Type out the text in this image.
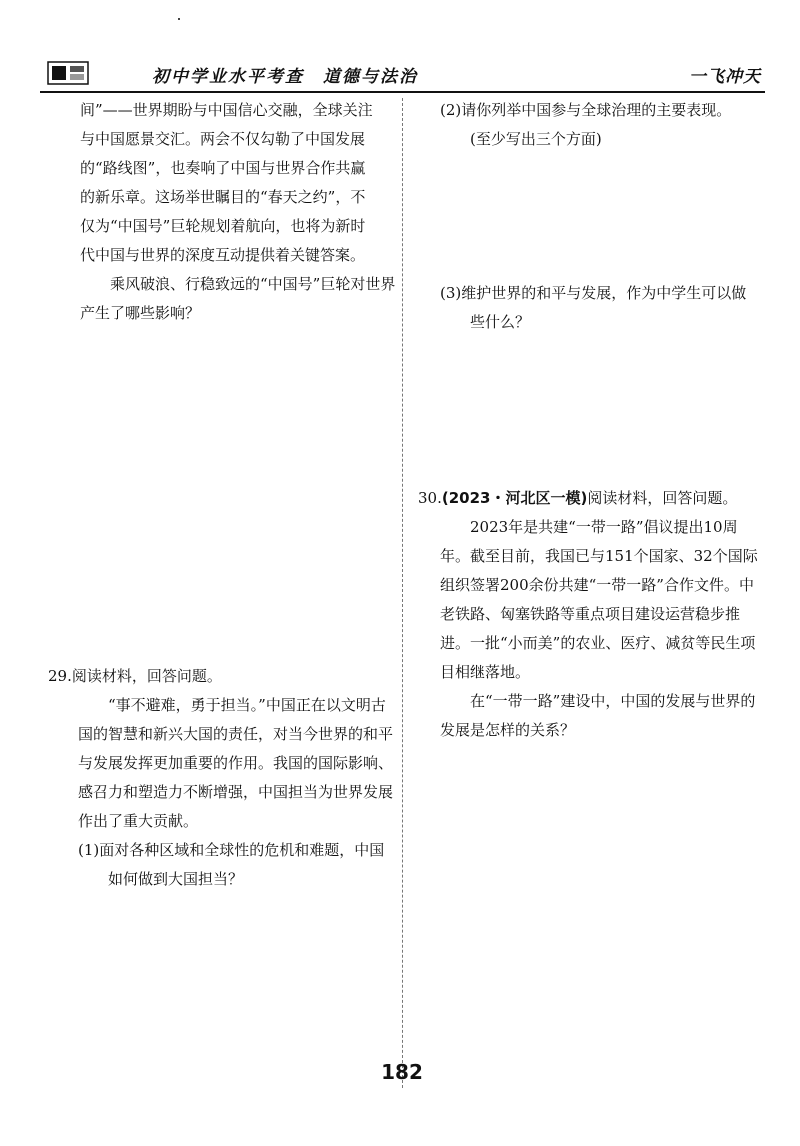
初中学业水平考查　道德与法治	一飞冲天

间”——世界期盼与中国信心交融，全球关注

与中国愿景交汇。两会不仅勾勒了中国发展

的“路线图”，也奏响了中国与世界合作共赢

的新乐章。这场举世瞩目的“春天之约”，不

仅为“中国号”巨轮规划着航向，也将为新时

代中国与世界的深度互动提供着关键答案。

乘风破浪、行稳致远的“中国号”巨轮对世界产生了哪些影响？

(2)请你列举中国参与全球治理的主要表现。

(至少写出三个方面)

(3)维护世界的和平与发展，作为中学生可以做些什么？

29.阅读材料，回答问题。

“事不避难，勇于担当。”中国正在以文明古国的智慧和新兴大国的责任，对当今世界的和平与发展发挥更加重要的作用。我国的国际影响、感召力和塑造力不断增强，中国担当为世界发展作出了重大贡献。

(1)面对各种区域和全球性的危机和难题，中国如何做到大国担当？

30.(2023・河北区一模)阅读材料，回答问题。

2023年是共建“一带一路”倡议提出10周年。截至目前，我国已与151个国家、32个国际组织签署200余份共建“一带一路”合作文件。中老铁路、匈塞铁路等重点项目建设运营稳步推进。一批“小而美”的农业、医疗、减贫等民生项目相继落地。

在“一带一路”建设中，中国的发展与世界的发展是怎样的关系？

182
